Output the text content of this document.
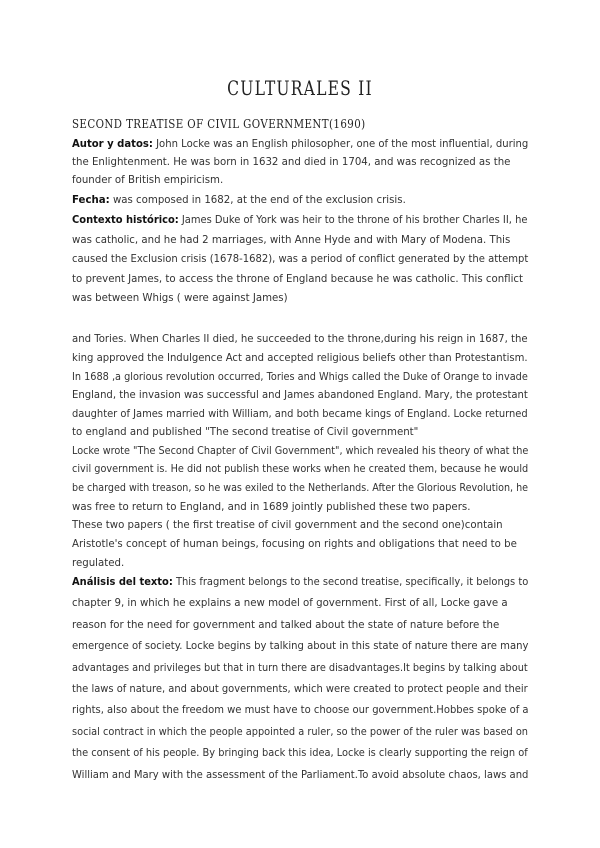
CULTURALES II
SECOND TREATISE OF CIVIL GOVERNMENT(1690)
Autor y datos: John Locke was an English philosopher, one of the most influential, during
the Enlightenment. He was born in 1632 and died in 1704, and was recognized as the
founder of British empiricism.
Fecha: was composed in 1682, at the end of the exclusion crisis.
Contexto histórico: James Duke of York was heir to the throne of his brother Charles II, he
was catholic, and he had 2 marriages, with Anne Hyde and with Mary of Modena. This
caused the Exclusion crisis (1678-1682), was a period of conflict generated by the attempt
to prevent James, to access the throne of England because he was catholic. This conflict
was between Whigs ( were against James)
and Tories. When Charles II died, he succeeded to the throne,during his reign in 1687, the
king approved the Indulgence Act and accepted religious beliefs other than Protestantism.
In 1688 ,a glorious revolution occurred, Tories and Whigs called the Duke of Orange to invade
England, the invasion was successful and James abandoned England. Mary, the protestant
daughter of James married with William, and both became kings of England. Locke returned
to england and published "The second treatise of Civil government"
Locke wrote "The Second Chapter of Civil Government", which revealed his theory of what the
civil government is. He did not publish these works when he created them, because he would
be charged with treason, so he was exiled to the Netherlands. After the Glorious Revolution, he
was free to return to England, and in 1689 jointly published these two papers.
These two papers ( the first treatise of civil government and the second one)contain
Aristotle's concept of human beings, focusing on rights and obligations that need to be
regulated.
Análisis del texto: This fragment belongs to the second treatise, specifically, it belongs to
chapter 9, in which he explains a new model of government. First of all, Locke gave a
reason for the need for government and talked about the state of nature before the
emergence of society. Locke begins by talking about in this state of nature there are many
advantages and privileges but that in turn there are disadvantages.It begins by talking about
the laws of nature, and about governments, which were created to protect people and their
rights, also about the freedom we must have to choose our government.Hobbes spoke of a
social contract in which the people appointed a ruler, so the power of the ruler was based on
the consent of his people. By bringing back this idea, Locke is clearly supporting the reign of
William and Mary with the assessment of the Parliament.To avoid absolute chaos, laws and
